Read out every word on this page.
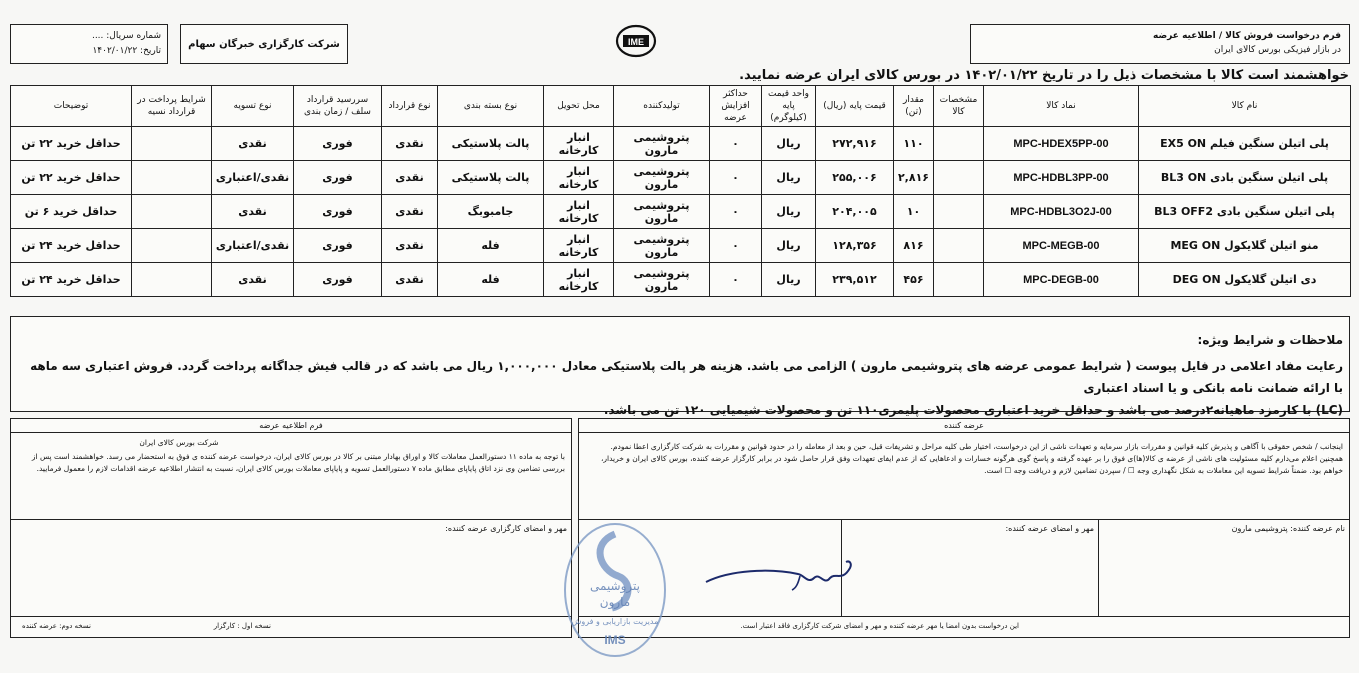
فرم درخواست فروش کالا / اطلاعیه عرضه
در بازار فیزیکی بورس کالای ایران
شرکت کارگزاری خبرگان سهام
شماره سریال: ....
تاریخ: ۱۴۰۲/۰۱/۲۲
IME
خواهشمند است کالا با مشخصات ذیل را در تاریخ ۱۴۰۲/۰۱/۲۲ در بورس کالای ایران عرضه نمایید.
نام کالا	نماد کالا	مشخصات کالا	مقدار (تن)	قیمت پایه (ریال)	واحد قیمت پایه (کیلوگرم)	حداکثر افزایش عرضه	تولیدکننده	محل تحویل	نوع بسته بندی	نوع قرارداد	سررسید قرارداد سلف / زمان بندی	نوع تسویه	شرایط پرداخت در قرارداد نسیه	توضیحات
پلی اتیلن سنگین فیلم EX5 ON	MPC-HDEX5PP-00		۱۱۰	۲۷۲,۹۱۶	ریال	۰	پتروشیمی مارون	انبار کارخانه	پالت پلاستیکی	نقدی	فوری	نقدی		حداقل خرید ۲۲ تن
پلی اتیلن سنگین بادی BL3 ON	MPC-HDBL3PP-00		۲,۸۱۶	۲۵۵,۰۰۶	ریال	۰	پتروشیمی مارون	انبار کارخانه	پالت پلاستیکی	نقدی	فوری	نقدی/اعتباری		حداقل خرید ۲۲ تن
پلی اتیلن سنگین بادی BL3 OFF2	MPC-HDBL3O2J-00		۱۰	۲۰۴,۰۰۵	ریال	۰	پتروشیمی مارون	انبار کارخانه	جامبوبگ	نقدی	فوری	نقدی		حداقل خرید ۶ تن
منو اتیلن گلایکول MEG ON	MPC-MEGB-00		۸۱۶	۱۲۸,۳۵۶	ریال	۰	پتروشیمی مارون	انبار کارخانه	فله	نقدی	فوری	نقدی/اعتباری		حداقل خرید ۲۴ تن
دی اتیلن گلایکول DEG ON	MPC-DEGB-00		۴۵۶	۲۳۹,۵۱۲	ریال	۰	پتروشیمی مارون	انبار کارخانه	فله	نقدی	فوری	نقدی		حداقل خرید ۲۴ تن
ملاحظات و شرایط ویژه:
رعایت مفاد اعلامی در فایل پیوست ( شرایط عمومی عرضه های پتروشیمی مارون ) الزامی می باشد. هزینه هر پالت پلاستیکی معادل ۱,۰۰۰,۰۰۰ ریال می باشد که در قالب فیش جداگانه پرداخت گردد. فروش اعتباری سه ماهه با ارائه ضمانت نامه بانکی و یا اسناد اعتباری
(LC) با کارمزد ماهیانه۲درصد می باشد و حداقل خرید اعتباری محصولات پلیمری۱۱۰ تن و محصولات شیمیایی ۱۲۰ تن می باشد.
عرضه کننده
اینجانب / شخص حقوقی با آگاهی و پذیرش کلیه قوانین و مقررات بازار سرمایه و تعهدات ناشی از این درخواست، اختیار طی کلیه مراحل و تشریفات قبل، حین و بعد از معامله را در حدود قوانین و مقررات به شرکت کارگزاری اعطا نمودم. همچنین اعلام می‌دارم کلیه مسئولیت های ناشی از عرضه ی کالا(ها)ی فوق را بر عهده گرفته و پاسخ گوی هرگونه خسارات و ادعاهایی که از عدم ایفای تعهدات وفق قرار حاصل شود در برابر کارگزار عرضه کننده، بورس کالای ایران و خریدار، خواهم بود. ضمناً شرایط تسویه این معاملات به شکل نگهداری وجه ☐ / سپردن تضامین لازم و دریافت وجه ☐ است.
نام عرضه کننده: پتروشیمی مارون
مهر و امضای عرضه کننده:
این درخواست بدون امضا یا مهر عرضه کننده و مهر و امضای شرکت کارگزاری فاقد اعتبار است.
فرم اطلاعیه عرضه
شرکت بورس کالای ایران
با توجه به ماده ۱۱ دستورالعمل معاملات کالا و اوراق بهادار مبتنی بر کالا در بورس کالای ایران، درخواست عرضه کننده ی فوق به استحضار می رسد. خواهشمند است پس از بررسی تضامین وی نزد اتاق پایاپای مطابق ماده ۷ دستورالعمل تسویه و پایاپای معاملات بورس کالای ایران، نسبت به انتشار اطلاعیه عرضه اقدامات لازم را معمول فرمایید.
مهر و امضای کارگزاری عرضه کننده:
نسخه اول : کارگزار
نسخه دوم: عرضه کننده
پتروشیمی
مارون
مدیریت بازاریابی و فروش
IMS
